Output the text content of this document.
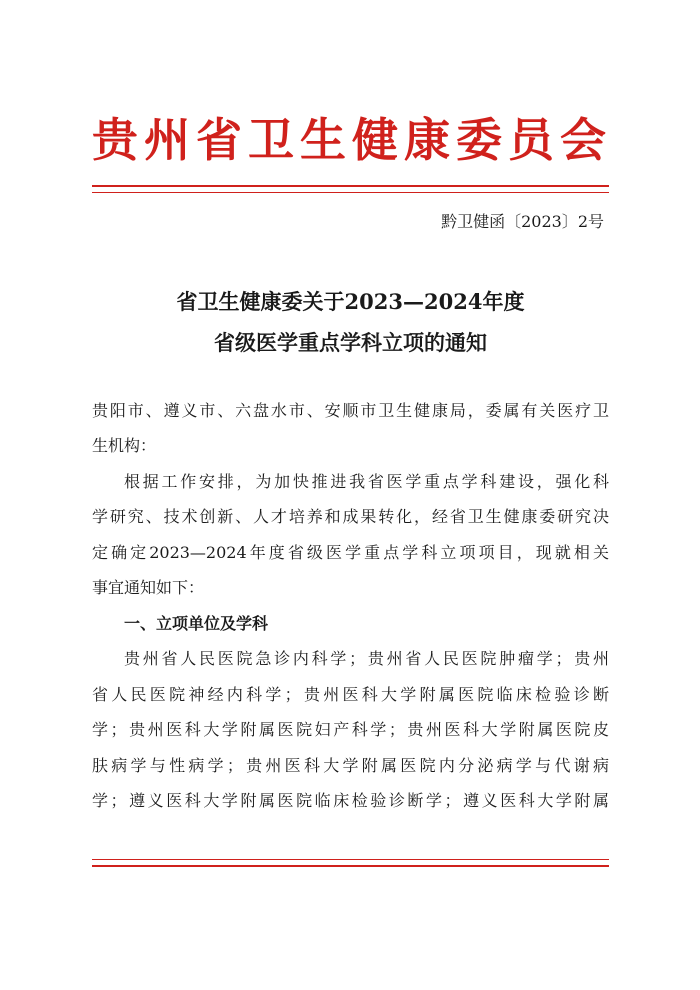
贵州省卫生健康委员会
黔卫健函〔2023〕2号
省卫生健康委关于2023—2024年度
省级医学重点学科立项的通知
贵阳市、遵义市、六盘水市、安顺市卫生健康局，委属有关医疗卫
生机构：
根据工作安排，为加快推进我省医学重点学科建设，强化科
学研究、技术创新、人才培养和成果转化，经省卫生健康委研究决
定确定2023—2024年度省级医学重点学科立项项目，现就相关
事宜通知如下：
一、立项单位及学科
贵州省人民医院急诊内科学；贵州省人民医院肿瘤学；贵州
省人民医院神经内科学；贵州医科大学附属医院临床检验诊断
学；贵州医科大学附属医院妇产科学；贵州医科大学附属医院皮
肤病学与性病学；贵州医科大学附属医院内分泌病学与代谢病
学；遵义医科大学附属医院临床检验诊断学；遵义医科大学附属
